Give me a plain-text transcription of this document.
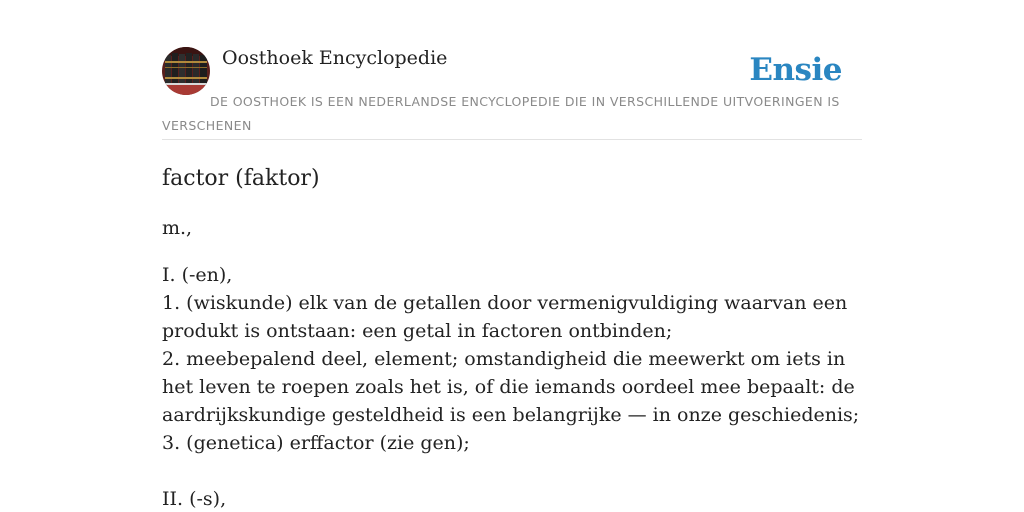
Oosthoek Encyclopedie	Ensie
DE OOSTHOEK IS EEN NEDERLANDSE ENCYCLOPEDIE DIE IN VERSCHILLENDE UITVOERINGEN IS VERSCHENEN
factor (faktor)

m.,

I. (-en),
1. (wiskunde) elk van de getallen door vermenigvuldiging waarvan een produkt is ontstaan: een getal in factoren ontbinden;
2. meebepalend deel, element; omstandigheid die meewerkt om iets in het leven te roepen zoals het is, of die iemands oordeel mee bepaalt: de aardrijkskundige gesteldheid is een belangrijke — in onze geschiedenis;
3. (genetica) erffactor (zie gen);
II. (-s),
